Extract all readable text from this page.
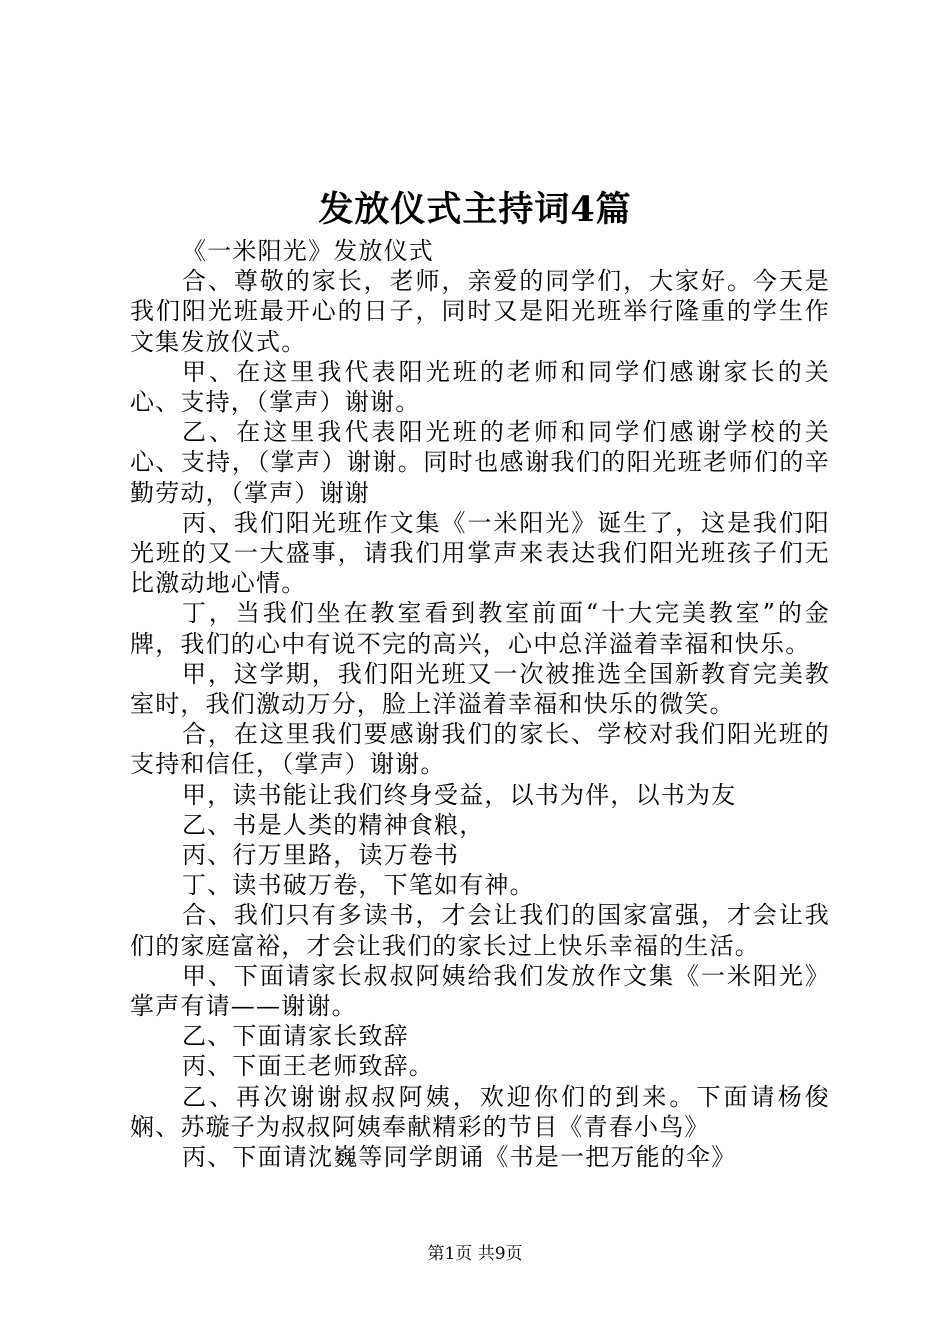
发放仪式主持词4篇

《一米阳光》发放仪式

合、尊敬的家长，老师，亲爱的同学们，大家好。今天是我们阳光班最开心的日子，同时又是阳光班举行隆重的学生作文集发放仪式。

甲、在这里我代表阳光班的老师和同学们感谢家长的关心、支持，（掌声）谢谢。

乙、在这里我代表阳光班的老师和同学们感谢学校的关心、支持，（掌声）谢谢。同时也感谢我们的阳光班老师们的辛勤劳动，（掌声）谢谢

丙、我们阳光班作文集《一米阳光》诞生了，这是我们阳光班的又一大盛事，请我们用掌声来表达我们阳光班孩子们无比激动地心情。

丁，当我们坐在教室看到教室前面“十大完美教室”的金牌，我们的心中有说不完的高兴，心中总洋溢着幸福和快乐。

甲，这学期，我们阳光班又一次被推选全国新教育完美教室时，我们激动万分，脸上洋溢着幸福和快乐的微笑。

合，在这里我们要感谢我们的家长、学校对我们阳光班的支持和信任，（掌声）谢谢。

甲，读书能让我们终身受益，以书为伴，以书为友

乙、书是人类的精神食粮，

丙、行万里路，读万卷书

丁、读书破万卷，下笔如有神。

合、我们只有多读书，才会让我们的国家富强，才会让我们的家庭富裕，才会让我们的家长过上快乐幸福的生活。

甲、下面请家长叔叔阿姨给我们发放作文集《一米阳光》掌声有请——谢谢。

乙、下面请家长致辞

丙、下面王老师致辞。

乙、再次谢谢叔叔阿姨，欢迎你们的到来。下面请杨俊娴、苏璇子为叔叔阿姨奉献精彩的节目《青春小鸟》

丙、下面请沈巍等同学朗诵《书是一把万能的伞》

第1页 共9页
